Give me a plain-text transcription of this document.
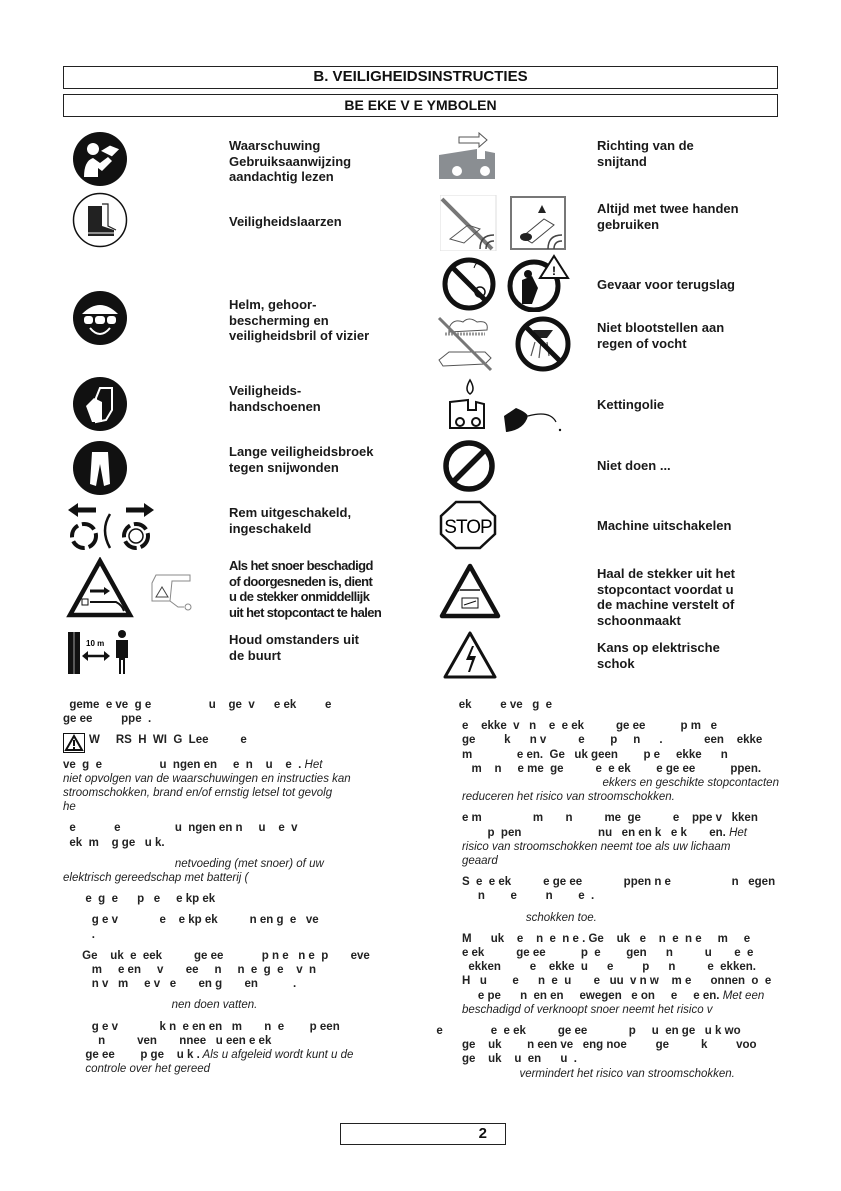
B. VEILIGHEIDSINSTRUCTIES
BE EKE V E YMBOLEN
Waarschuwing
Gebruiksaanwijzing
aandachtig lezen
Veiligheidslaarzen
Helm, gehoor-
bescherming en
veiligheidsbril of vizier
Veiligheids-
handschoenen
Lange veiligheidsbroek
tegen snijwonden
Rem uitgeschakeld,
ingeschakeld
Als het snoer beschadigd
of doorgesneden is, dient
u de stekker onmiddellijk
uit het stopcontact te halen
10 m	Houd omstanders uit
de buurt
Richting van de
snijtand
Altijd met twee handen
gebruiken
!
Gevaar voor terugslag
Niet blootstellen aan
regen of vocht
Kettingolie
Niet doen ...
STOP	Machine uitschakelen
Haal de stekker uit het
stopcontact voordat u
de machine verstelt of
schoonmaakt
Kans op elektrische
schok

geme  e ve  g e                  u    ge  v      e ek         e
ge ee         ppe  .

W     RS  H  WI  G  Lee          e
ve  g  e                  u  ngen en     e  n    u    e  . Het
niet opvolgen van de waarschuwingen en instructies kan
stroomschokken, brand en/of ernstig letsel tot gevolg
he

e            e                 u  ngen en n     u    e  v
ek  m    g ge   u k.

netvoeding (met snoer) of uw
elektrisch gereedschap met batterij (

e  g  e      p   e     e kp ek

g e v             e    e kp ek          n en g  e   ve
.

Ge    uk  e  eek          ge ee            p n e   n e  p       eve
m     e en     v       ee     n     n  e  g  e    v  n
n v   m     e v   e       en g       en           .

nen doen vatten.

g e v             k n  e en en   m       n  e        p een
n          ven       nnee   u een e ek
ge ee        p ge    u k . Als u afgeleid wordt kunt u de
controle over het gereed

ek         e ve   g  e

e    ekke  v   n    e  e ek          ge ee           p m   e
ge         k      n v          e        p     n      .             een    ekke
m              e en.  Ge   uk geen        p e     ekke      n
m    n     e me  ge          e  e ek        e ge ee           ppen.
ekkers en geschikte stopcontacten
reduceren het risico van stroomschokken.

e m                m       n          me  ge          e    ppe v   kken
p  pen                        nu   en en k   e k       en. Het
risico van stroomschokken neemt toe als uw lichaam
geaard

S  e  e ek          e ge ee             ppen n e                   n   egen
n        e         n        e  .

schokken toe.

M      uk    e    n  e  n e . Ge    uk   e    n  e  n e     m     e
e ek          ge ee           p  e        gen      n          u       e  e
ekken         e    ekke  u      e         p      n          e  ekken.
H   u        e      n  e  u       e   uu  v n w    m e      onnen  o  e
e pe      n  en en     ewegen   e on     e     e en. Met een
beschadigd of verknoopt snoer neemt het risico v

e               e  e ek          ge ee             p     u  en ge   u k wo
ge    uk        n een ve   eng noe         ge          k         voo
ge    uk    u  en      u  .
vermindert het risico van stroomschokken.

2
